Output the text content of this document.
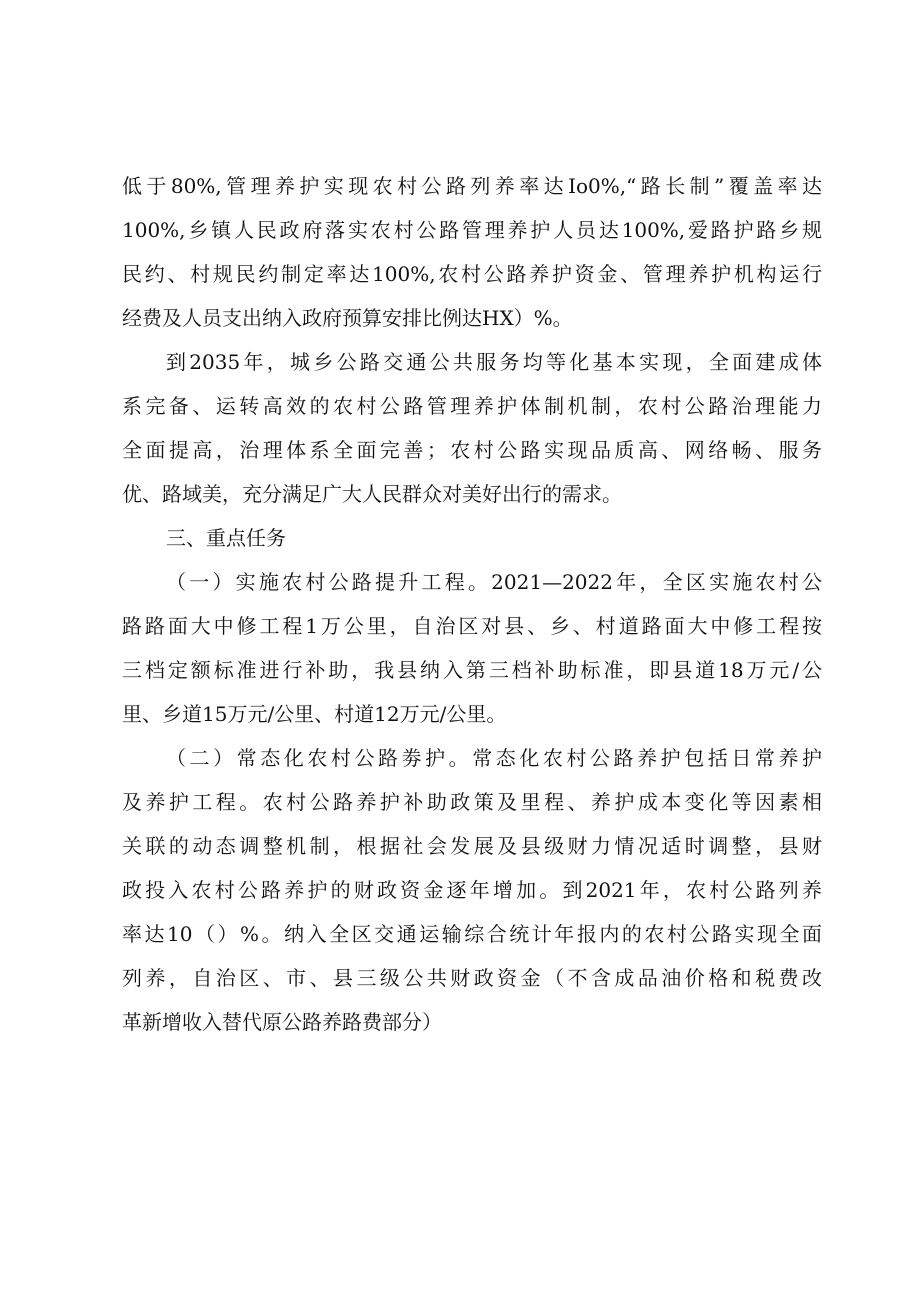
低于80%,管理养护实现农村公路列养率达Io0%,“路长制”覆盖率达
100%,乡镇人民政府落实农村公路管理养护人员达100%,爱路护路乡规
民约、村规民约制定率达100%,农村公路养护资金、管理养护机构运行
经费及人员支出纳入政府预算安排比例达HX）%。
到2035年，城乡公路交通公共服务均等化基本实现，全面建成体
系完备、运转高效的农村公路管理养护体制机制，农村公路治理能力
全面提高，治理体系全面完善；农村公路实现品质高、网络畅、服务
优、路域美，充分满足广大人民群众对美好出行的需求。
三、重点任务
（一）实施农村公路提升工程。2021—2022年，全区实施农村公
路路面大中修工程1万公里，自治区对县、乡、村道路面大中修工程按
三档定额标准进行补助，我县纳入第三档补助标准，即县道18万元/公
里、乡道15万元/公里、村道12万元/公里。
（二）常态化农村公路劵护。常态化农村公路养护包括日常养护
及养护工程。农村公路养护补助政策及里程、养护成本变化等因素相
关联的动态调整机制，根据社会发展及县级财力情况适时调整，县财
政投入农村公路养护的财政资金逐年增加。到2021年，农村公路列养
率达10（）%。纳入全区交通运输综合统计年报内的农村公路实现全面
列养，自治区、市、县三级公共财政资金（不含成品油价格和税费改
革新增收入替代原公路养路费部分）
